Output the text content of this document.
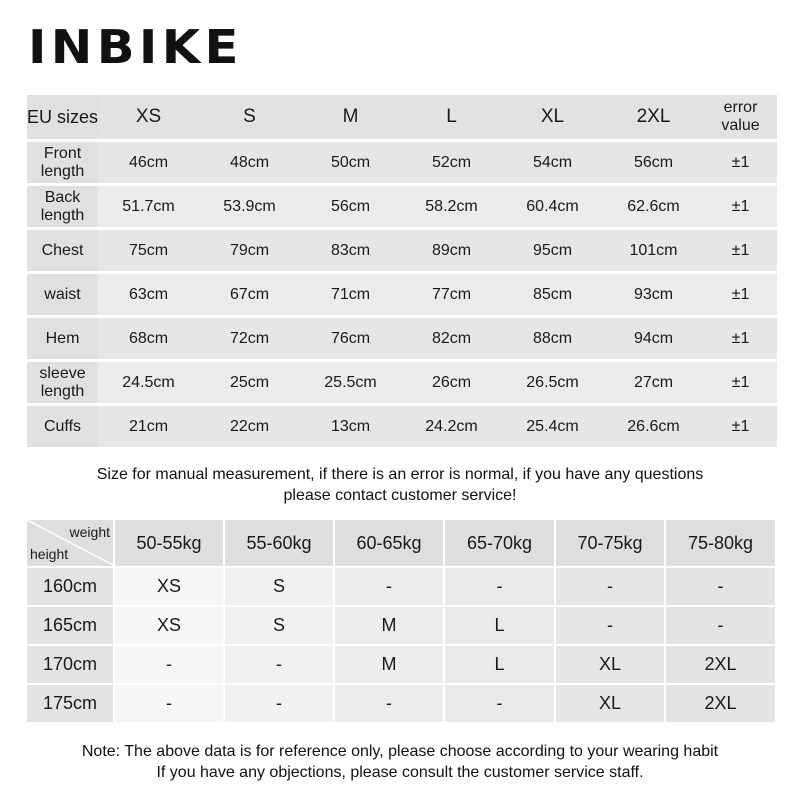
INBIKE
EU sizes	XS	S	M	L	XL	2XL	error value
Front length	46cm	48cm	50cm	52cm	54cm	56cm	±1
Back length	51.7cm	53.9cm	56cm	58.2cm	60.4cm	62.6cm	±1
Chest	75cm	79cm	83cm	89cm	95cm	101cm	±1
waist	63cm	67cm	71cm	77cm	85cm	93cm	±1
Hem	68cm	72cm	76cm	82cm	88cm	94cm	±1
sleeve length	24.5cm	25cm	25.5cm	26cm	26.5cm	27cm	±1
Cuffs	21cm	22cm	13cm	24.2cm	25.4cm	26.6cm	±1
Size for manual measurement, if there is an error is normal, if you have any questions
please contact customer service!
weight
height	50-55kg	55-60kg	60-65kg	65-70kg	70-75kg	75-80kg
160cm	XS	S	-	-	-	-
165cm	XS	S	M	L	-	-
170cm	-	-	M	L	XL	2XL
175cm	-	-	-	-	XL	2XL
Note: The above data is for reference only, please choose according to your wearing habit
If you have any objections, please consult the customer service staff.
